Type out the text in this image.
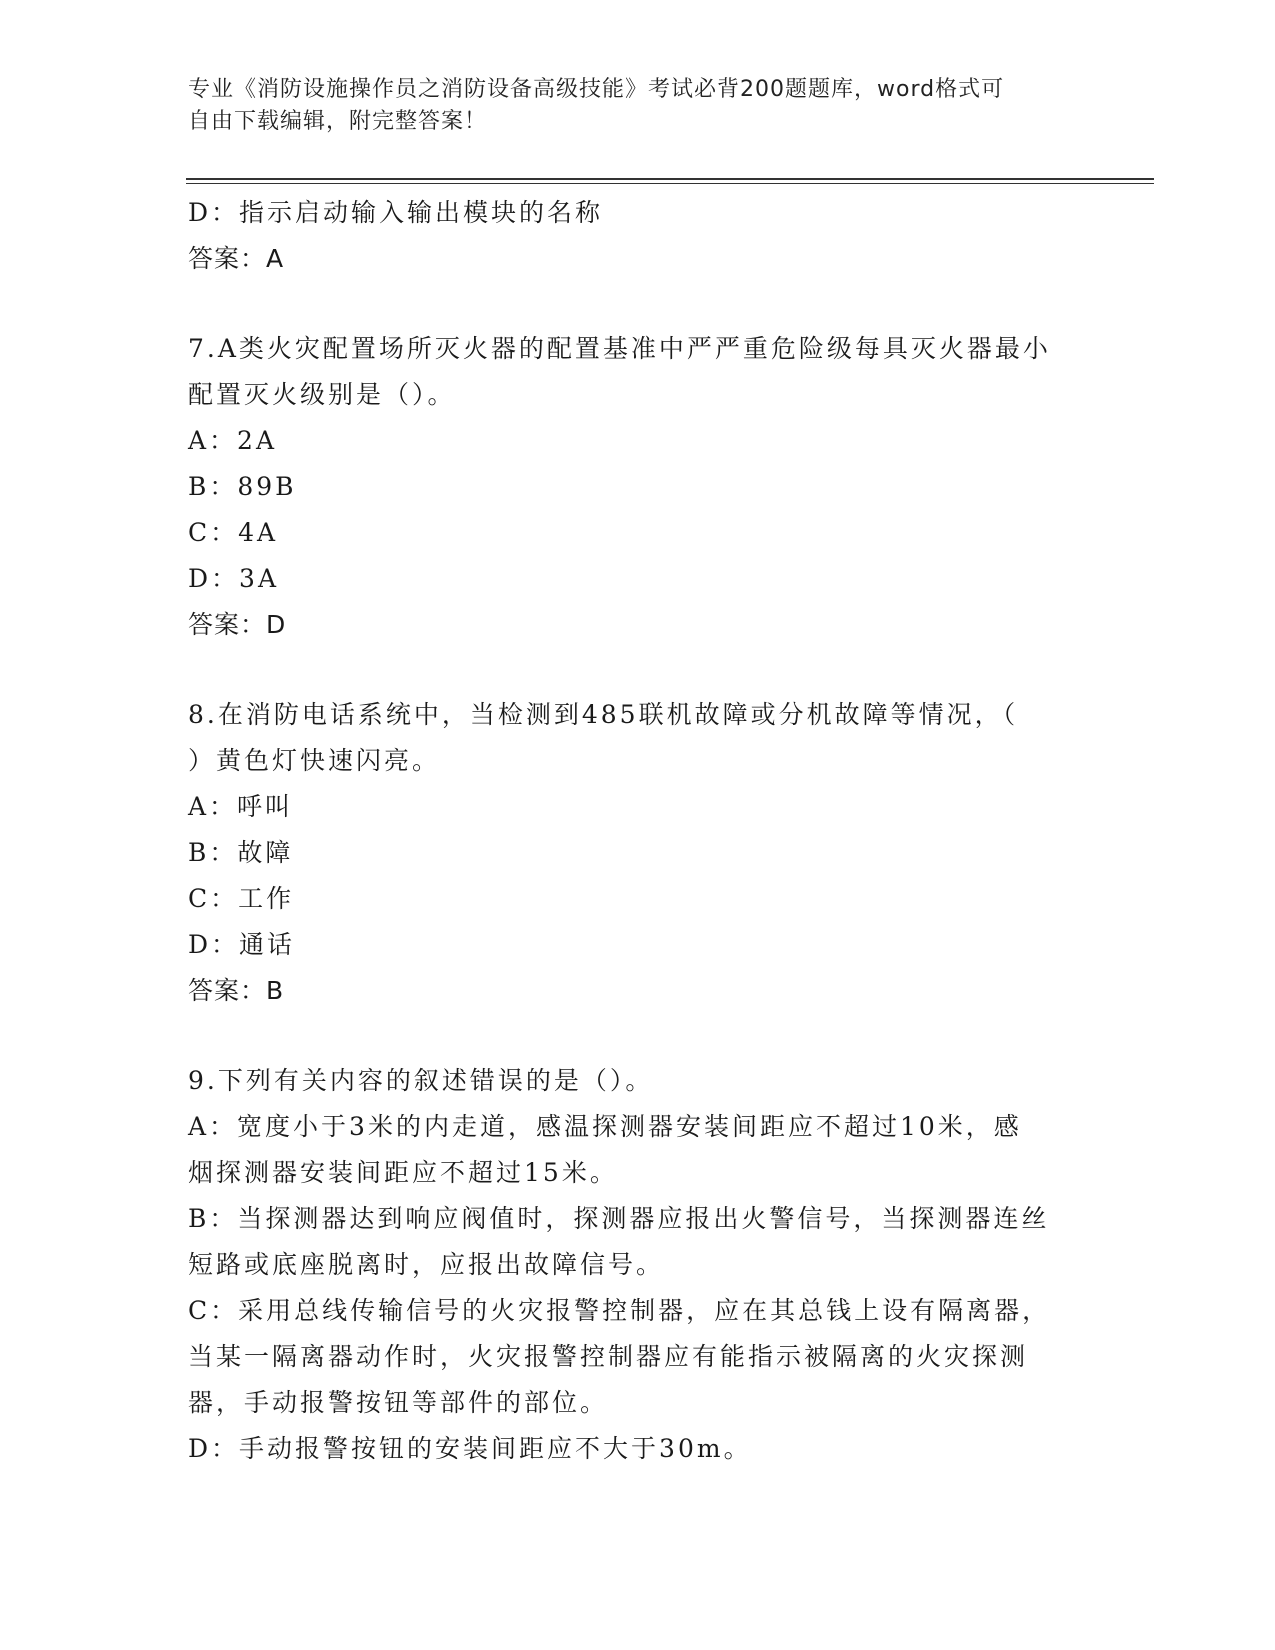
专业《消防设施操作员之消防设备高级技能》考试必背200题题库，word格式可
自由下载编辑，附完整答案！
D：指示启动输入输出模块的名称
答案：A
7.A类火灾配置场所灭火器的配置基准中严严重危险级每具灭火器最小
配置灭火级别是（）。
A：2A
B：89B
C：4A
D：3A
答案：D
8.在消防电话系统中，当检测到485联机故障或分机故障等情况，（
）黄色灯快速闪亮。
A：呼叫
B：故障
C：工作
D：通话
答案：B
9.下列有关内容的叙述错误的是（）。
A：宽度小于3米的内走道，感温探测器安装间距应不超过10米，感
烟探测器安装间距应不超过15米。
B：当探测器达到响应阀值时，探测器应报出火警信号，当探测器连丝
短路或底座脱离时，应报出故障信号。
C：采用总线传输信号的火灾报警控制器，应在其总钱上设有隔离器，
当某一隔离器动作时，火灾报警控制器应有能指示被隔离的火灾探测
器，手动报警按钮等部件的部位。
D：手动报警按钮的安装间距应不大于30m。
